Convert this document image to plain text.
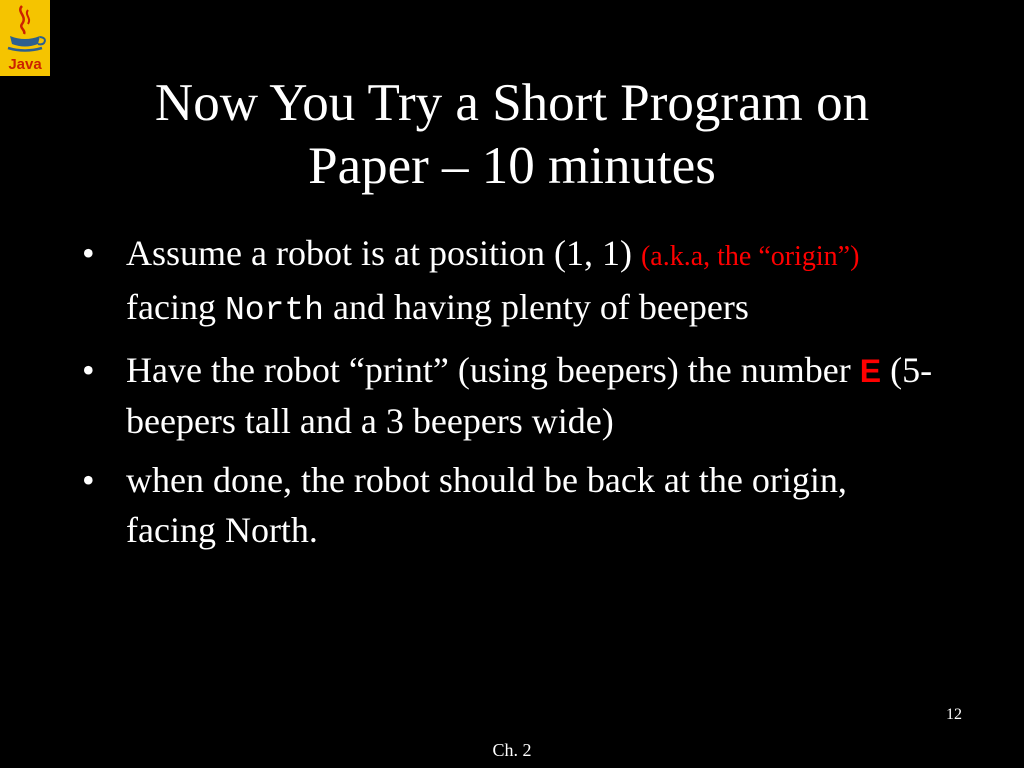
Java
Now You Try a Short Program on
Paper – 10 minutes
• Assume a robot is at position (1, 1) (a.k.a, the “origin”) facing North and having plenty of beepers
• Have the robot “print” (using beepers) the number E (5-beepers tall and a 3 beepers wide)
• when done, the robot should be back at the origin, facing North.
12
Ch. 2
